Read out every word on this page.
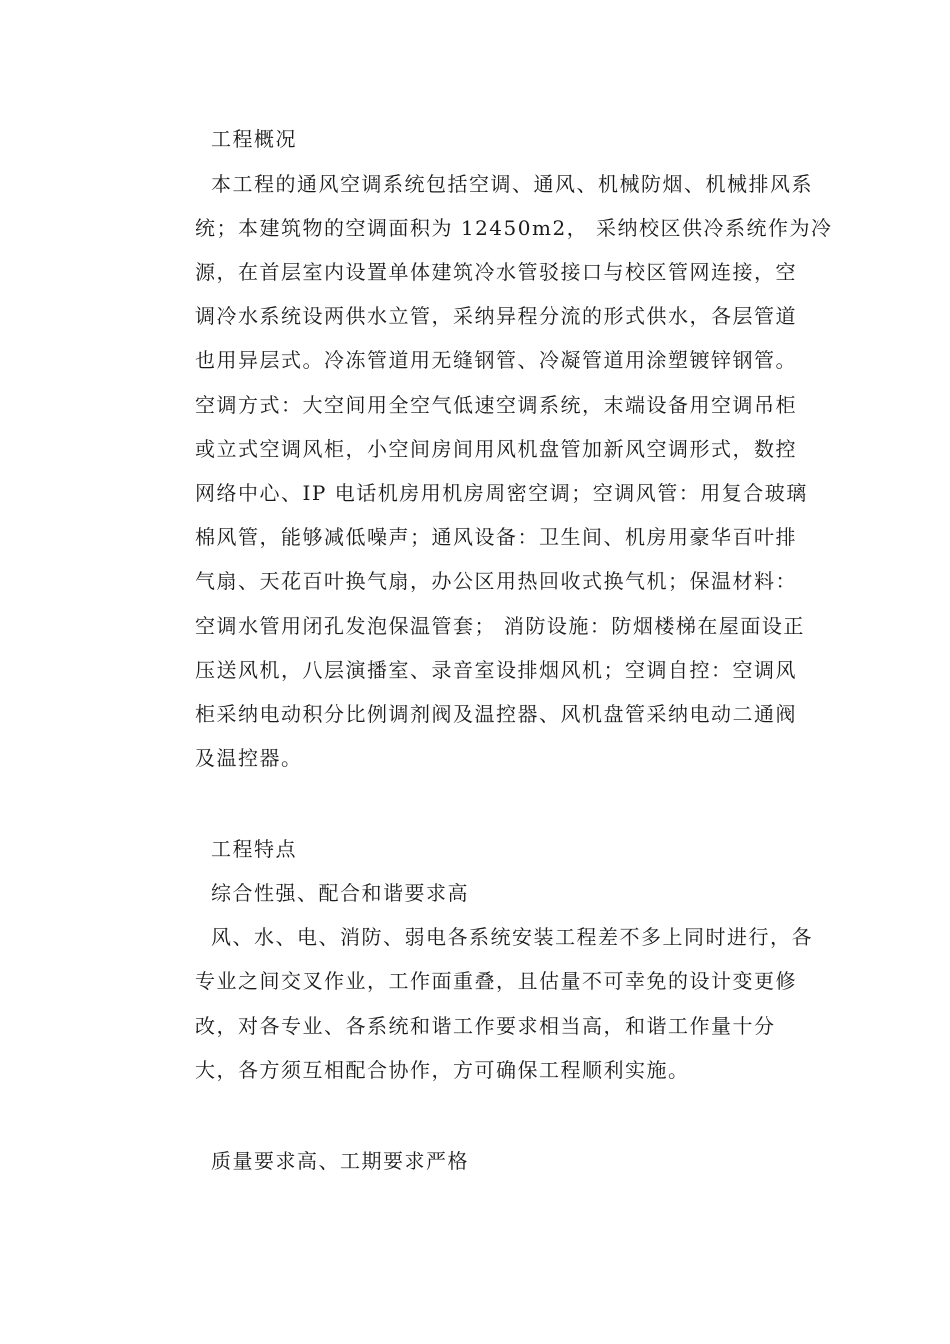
工程概况
本工程的通风空调系统包括空调、通风、机械防烟、机械排风系
统；本建筑物的空调面积为 12450m2， 采纳校区供冷系统作为冷
源，在首层室内设置单体建筑冷水管驳接口与校区管网连接，空
调冷水系统设两供水立管，采纳异程分流的形式供水，各层管道
也用异层式。冷冻管道用无缝钢管、冷凝管道用涂塑镀锌钢管。
空调方式：大空间用全空气低速空调系统，末端设备用空调吊柜
或立式空调风柜，小空间房间用风机盘管加新风空调形式，数控
网络中心、IP 电话机房用机房周密空调；空调风管：用复合玻璃
棉风管，能够减低噪声；通风设备：卫生间、机房用豪华百叶排
气扇、天花百叶换气扇，办公区用热回收式换气机；保温材料：
空调水管用闭孔发泡保温管套； 消防设施：防烟楼梯在屋面设正
压送风机，八层演播室、录音室设排烟风机；空调自控：空调风
柜采纳电动积分比例调剂阀及温控器、风机盘管采纳电动二通阀
及温控器。
工程特点
综合性强、配合和谐要求高
风、水、电、消防、弱电各系统安装工程差不多上同时进行，各
专业之间交叉作业，工作面重叠，且估量不可幸免的设计变更修
改，对各专业、各系统和谐工作要求相当高，和谐工作量十分
大，各方须互相配合协作，方可确保工程顺利实施。
质量要求高、工期要求严格
